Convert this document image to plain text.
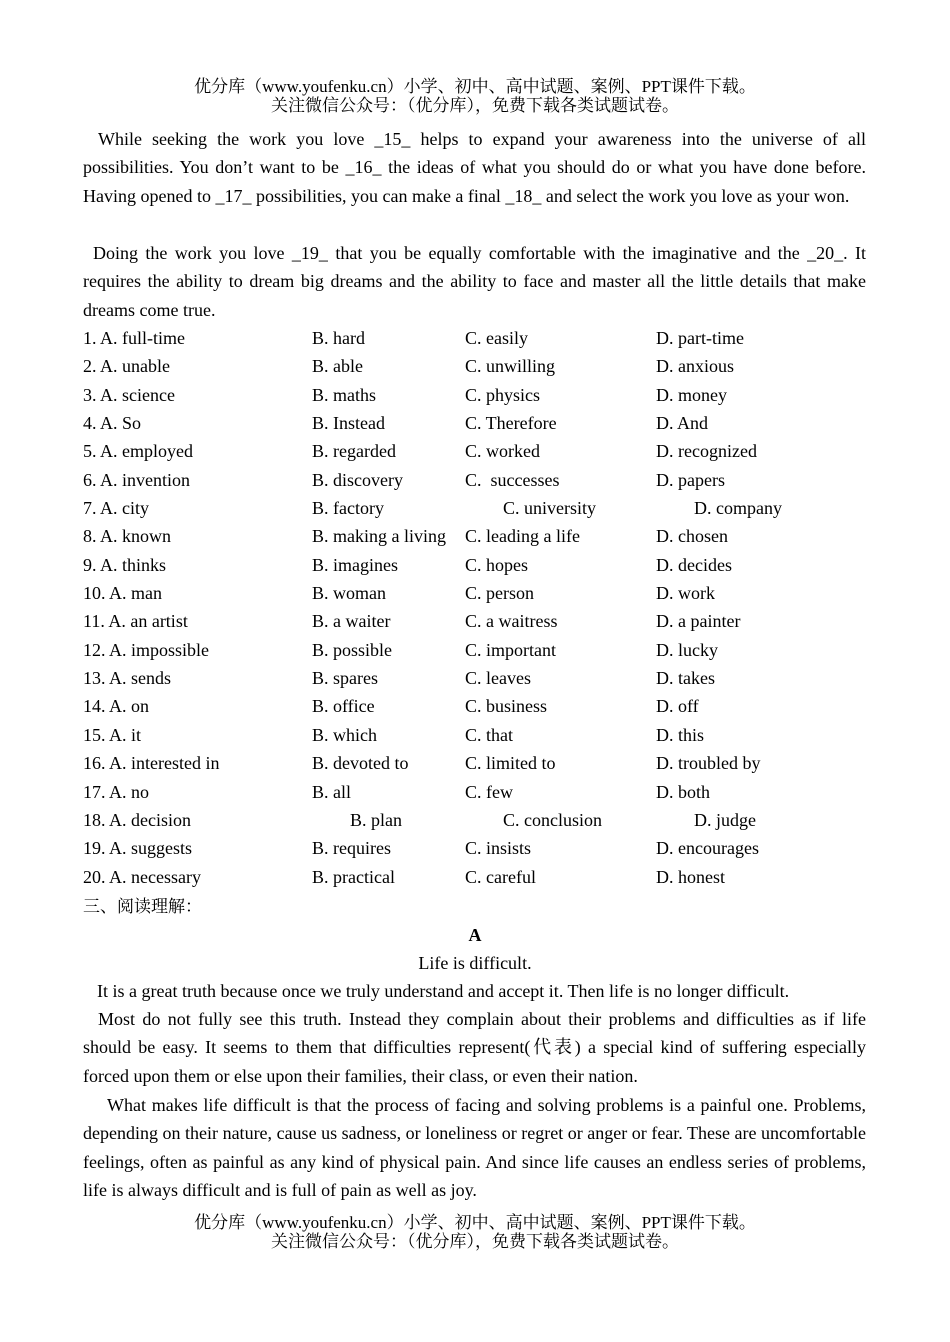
优分库（www.youfenku.cn）小学、初中、高中试题、案例、PPT课件下载。
关注微信公众号：（优分库），免费下载各类试题试卷。
While seeking the work you love _15_ helps to expand your awareness into the universe of all possibilities. You don’t want to be _16_ the ideas of what you should do or what you have done before. Having opened to _17_ possibilities, you can make a final _18_ and select the work you love as your won.
Doing the work you love _19_ that you be equally comfortable with the imaginative and the _20_. It requires the ability to dream big dreams and the ability to face and master all the little details that make dreams come true.
1. A. full-time	B. hard	C. easily	D. part-time
2. A. unable	B. able	C. unwilling	D. anxious
3. A. science	B. maths	C. physics	D. money
4. A. So	B. Instead	C. Therefore	D. And
5. A. employed	B. regarded	C. worked	D. recognized
6. A. invention	B. discovery	C.  successes	D. papers
7. A. city	B. factory	C. university	D. company
8. A. known	B. making a living C. leading a life	D. chosen
9. A. thinks	B. imagines	C. hopes	D. decides
10. A. man	B. woman	C. person	D. work
11. A. an artist	B. a waiter	C. a waitress	D. a painter
12. A. impossible	B. possible	C. important	D. lucky
13. A. sends	B. spares	C. leaves	D. takes
14. A. on	B. office	C. business	D. off
15. A. it	B. which	C. that	D. this
16. A. interested in	B. devoted to	C. limited to	D. troubled by
17. A. no	B. all	C. few	D. both
18. A. decision	B. plan	C. conclusion	D. judge
19. A. suggests	B. requires	C. insists	D. encourages
20. A. necessary	B. practical	C. careful	D. honest
三、阅读理解：
A
Life is difficult.
It is a great truth because once we truly understand and accept it. Then life is no longer difficult.
Most do not fully see this truth. Instead they complain about their problems and difficulties as if life should be easy. It seems to them that difficulties represent(代表) a special kind of suffering especially forced upon them or else upon their families, their class, or even their nation.
What makes life difficult is that the process of facing and solving problems is a painful one. Problems, depending on their nature, cause us sadness, or loneliness or regret or anger or fear. These are uncomfortable feelings, often as painful as any kind of physical pain. And since life causes an endless series of problems, life is always difficult and is full of pain as well as joy.
优分库（www.youfenku.cn）小学、初中、高中试题、案例、PPT课件下载。
关注微信公众号：（优分库），免费下载各类试题试卷。
